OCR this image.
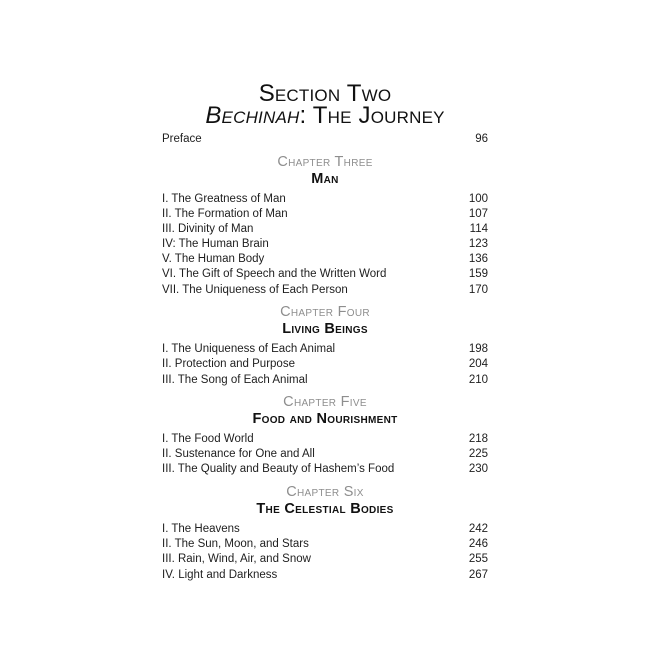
Section Two
Bechinah: The Journey
Preface	96
Chapter Three
Man
I. The Greatness of Man	100
II. The Formation of Man	107
III. Divinity of Man	114
IV: The Human Brain	123
V. The Human Body	136
VI. The Gift of Speech and the Written Word	159
VII. The Uniqueness of Each Person	170
Chapter Four
Living Beings
I. The Uniqueness of Each Animal	198
II. Protection and Purpose	204
III. The Song of Each Animal	210
Chapter Five
Food and Nourishment
I. The Food World	218
II. Sustenance for One and All	225
III. The Quality and Beauty of Hashem’s Food	230
Chapter Six
The Celestial Bodies
I. The Heavens	242
II. The Sun, Moon, and Stars	246
III. Rain, Wind, Air, and Snow	255
IV. Light and Darkness	267
